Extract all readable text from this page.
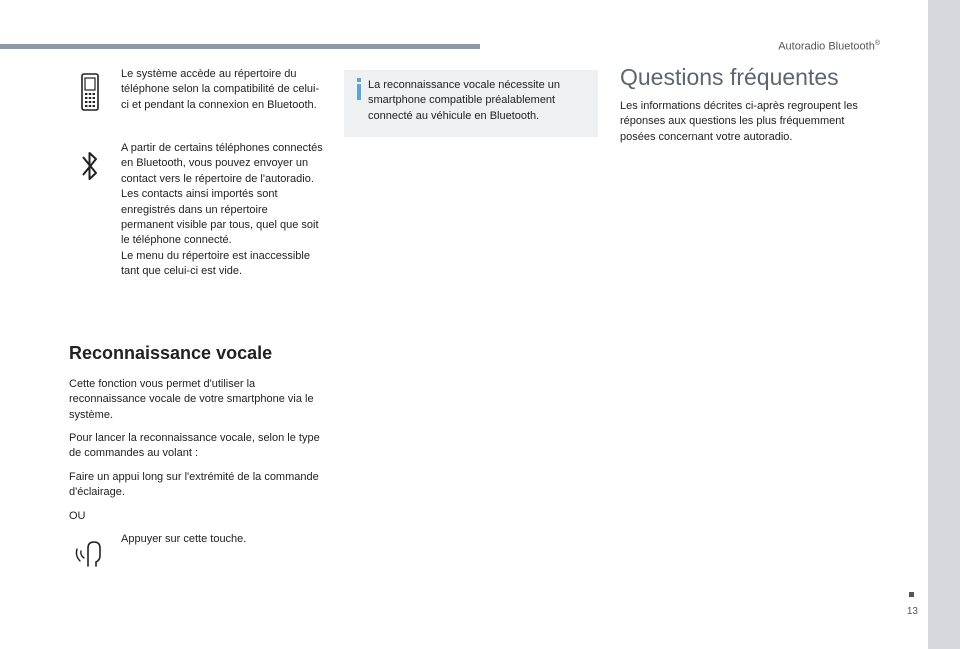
Autoradio Bluetooth®

Le système accède au répertoire du téléphone selon la compatibilité de celui-ci et pendant la connexion en Bluetooth.

A partir de certains téléphones connectés en Bluetooth, vous pouvez envoyer un contact vers le répertoire de l'autoradio.

Les contacts ainsi importés sont enregistrés dans un répertoire permanent visible par tous, quel que soit le téléphone connecté.

Le menu du répertoire est inaccessible tant que celui-ci est vide.

Reconnaissance vocale

Cette fonction vous permet d'utiliser la reconnaissance vocale de votre smartphone via le système.

Pour lancer la reconnaissance vocale, selon le type de commandes au volant :

Faire un appui long sur l'extrémité de la commande d'éclairage.

OU

Appuyer sur cette touche.

La reconnaissance vocale nécessite un smartphone compatible préalablement connecté au véhicule en Bluetooth.

Questions fréquentes

Les informations décrites ci-après regroupent les réponses aux questions les plus fréquemment posées concernant votre autoradio.

13
